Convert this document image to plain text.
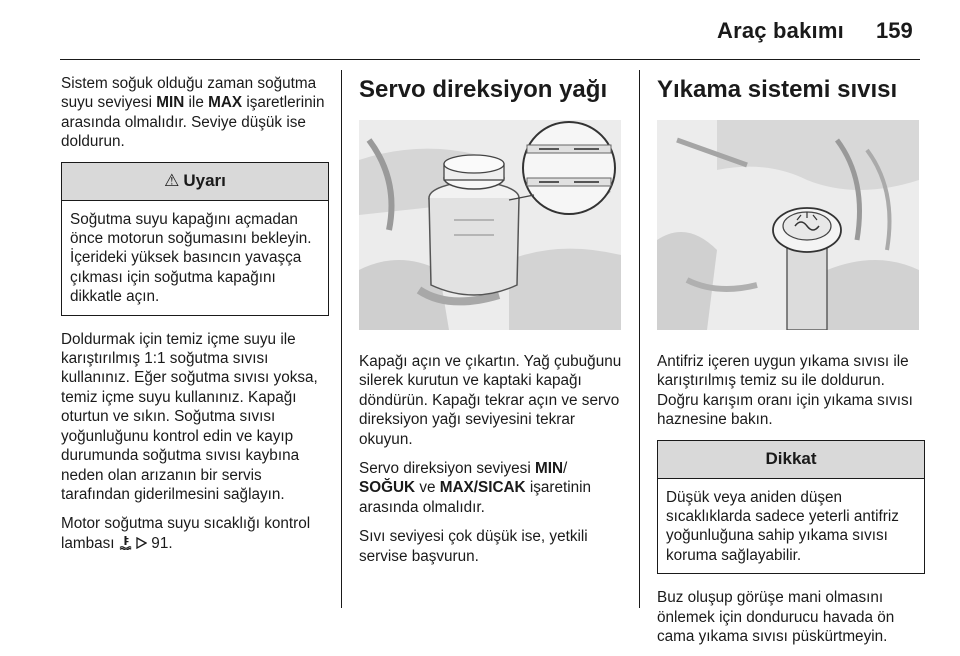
Araç bakımı 159

Sistem soğuk olduğu zaman soğutma suyu seviyesi MIN ile MAX işaretlerinin arasında olmalıdır. Seviye düşük ise doldurun.

⚠ Uyarı
Soğutma suyu kapağını açmadan önce motorun soğumasını bekleyin. İçerideki yüksek basıncın yavaşça çıkması için soğutma kapağını dikkatle açın.

Doldurmak için temiz içme suyu ile karıştırılmış 1:1 soğutma sıvısı kullanınız. Eğer soğutma sıvısı yoksa, temiz içme suyu kullanınız. Kapağı oturtun ve sıkın. Soğutma sıvısı yoğunluğunu kontrol edin ve kayıp durumunda soğutma sıvısı kaybına neden olan arızanın bir servis tarafından giderilmesini sağlayın.

Motor soğutma suyu sıcaklığı kontrol lambası   91.

Servo direksiyon yağı

Kapağı açın ve çıkartın. Yağ çubuğunu silerek kurutun ve kaptaki kapağı döndürün. Kapağı tekrar açın ve servo direksiyon yağı seviyesini tekrar okuyun.

Servo direksiyon seviyesi MIN/
SOĞUK ve MAX/SICAK işaretinin arasında olmalıdır.

Sıvı seviyesi çok düşük ise, yetkili servise başvurun.

Yıkama sistemi sıvısı

Antifriz içeren uygun yıkama sıvısı ile karıştırılmış temiz su ile doldurun. Doğru karışım oranı için yıkama sıvısı haznesine bakın.

Dikkat
Düşük veya aniden düşen sıcaklıklarda sadece yeterli antifriz yoğunluğuna sahip yıkama sıvısı koruma sağlayabilir.

Buz oluşup görüşe mani olmasını önlemek için dondurucu havada ön cama yıkama sıvısı püskürtmeyin.
